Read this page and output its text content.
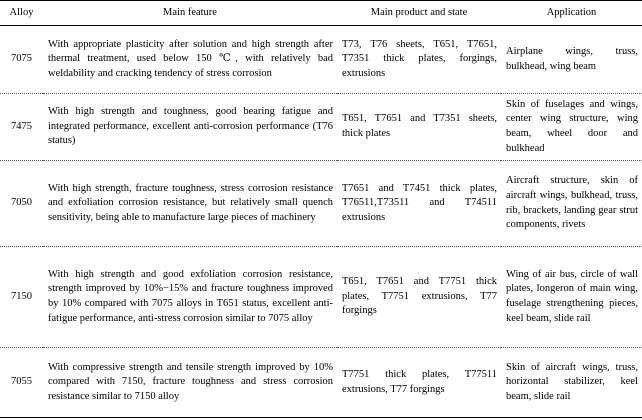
Alloy	Main feature	Main product and state	Application
7075	With appropriate plasticity after solution and high strength after thermal treatment, used below 150 ℃, with relatively bad weldability and cracking tendency of stress corrosion	T73, T76 sheets, T651, T7651, T7351 thick plates, forgings, extrusions	Airplane wings, truss, bulkhead, wing beam
7475	With high strength and toughness, good bearing fatigue and integrated performance, excellent anti-corrosion performance (T76 status)	T651, T7651 and T7351 sheets, thick plates	Skin of fuselages and wings, center wing structure, wing beam, wheel door and bulkhead
7050	With high strength, fracture toughness, stress corrosion resistance and exfoliation corrosion resistance, but relatively small quench sensitivity, being able to manufacture large pieces of machinery	T7651 and T7451 thick plates, T76511,T73511 and T74511 extrusions	Aircraft structure, skin of aircraft wings, bulkhead, truss, rib, brackets, landing gear strut components, rivets
7150	With high strength and good exfoliation corrosion resistance, strength improved by 10%−15% and fracture toughness improved by 10% compared with 7075 alloys in T651 status, excellent anti-fatigue performance, anti-stress corrosion similar to 7075 alloy	T651, T7651 and T7751 thick plates, T7751 extrusions, T77 forgings	Wing of air bus, circle of wall plates, longeron of main wing, fuselage strengthening pieces, keel beam, slide rail
7055	With compressive strength and tensile strength improved by 10% compared with 7150, fracture toughness and stress corrosion resistance similar to 7150 alloy	T7751 thick plates, T77511 extrusions, T77 forgings	Skin of aircraft wings, truss, horizontal stabilizer, keel beam, slide rail
